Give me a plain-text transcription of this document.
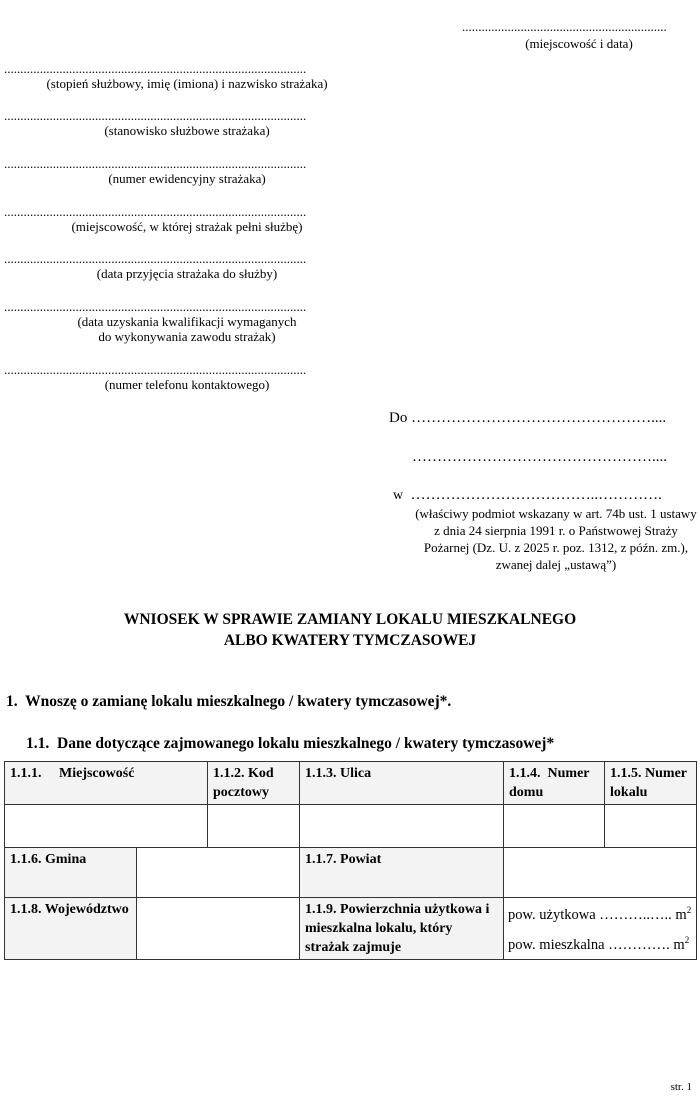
...............................................................
(miejscowość i data)
.............................................................................................
(stopień służbowy, imię (imiona) i nazwisko strażaka)
.............................................................................................
(stanowisko służbowe strażaka)
.............................................................................................
(numer ewidencyjny strażaka)
.............................................................................................
(miejscowość, w której strażak pełni służbę)
.............................................................................................
(data przyjęcia strażaka do służby)
.............................................................................................
(data uzyskania kwalifikacji wymaganych
do wykonywania zawodu strażak)
.............................................................................................
(numer telefonu kontaktowego)
Do …………………………………………....
…………………………………………....
w ………………………………..………….
(właściwy podmiot wskazany w art. 74b ust. 1 ustawy
z dnia 24 sierpnia 1991 r. o Państwowej Straży
Pożarnej (Dz. U. z 2025 r. poz. 1312, z późn. zm.),
zwanej dalej „ustawą”)
WNIOSEK W SPRAWIE ZAMIANY LOKALU MIESZKALNEGO
ALBO KWATERY TYMCZASOWEJ
1. Wnoszę o zamianę lokalu mieszkalnego / kwatery tymczasowej*.
1.1. Dane dotyczące zajmowanego lokalu mieszkalnego / kwatery tymczasowej*
1.1.1.     Miejscowość		1.1.2. Kod pocztowy	1.1.3. Ulica	1.1.4.  Numer domu	1.1.5. Numer lokalu

1.1.6. Gmina			1.1.7. Powiat		
1.1.8. Województwo			1.1.9. Powierzchnia użytkowa i mieszkalna lokalu, który strażak zajmuje	pow. użytkowa ………..….. $m^2$
pow. mieszkalna …………. $m^2$
str. 1
